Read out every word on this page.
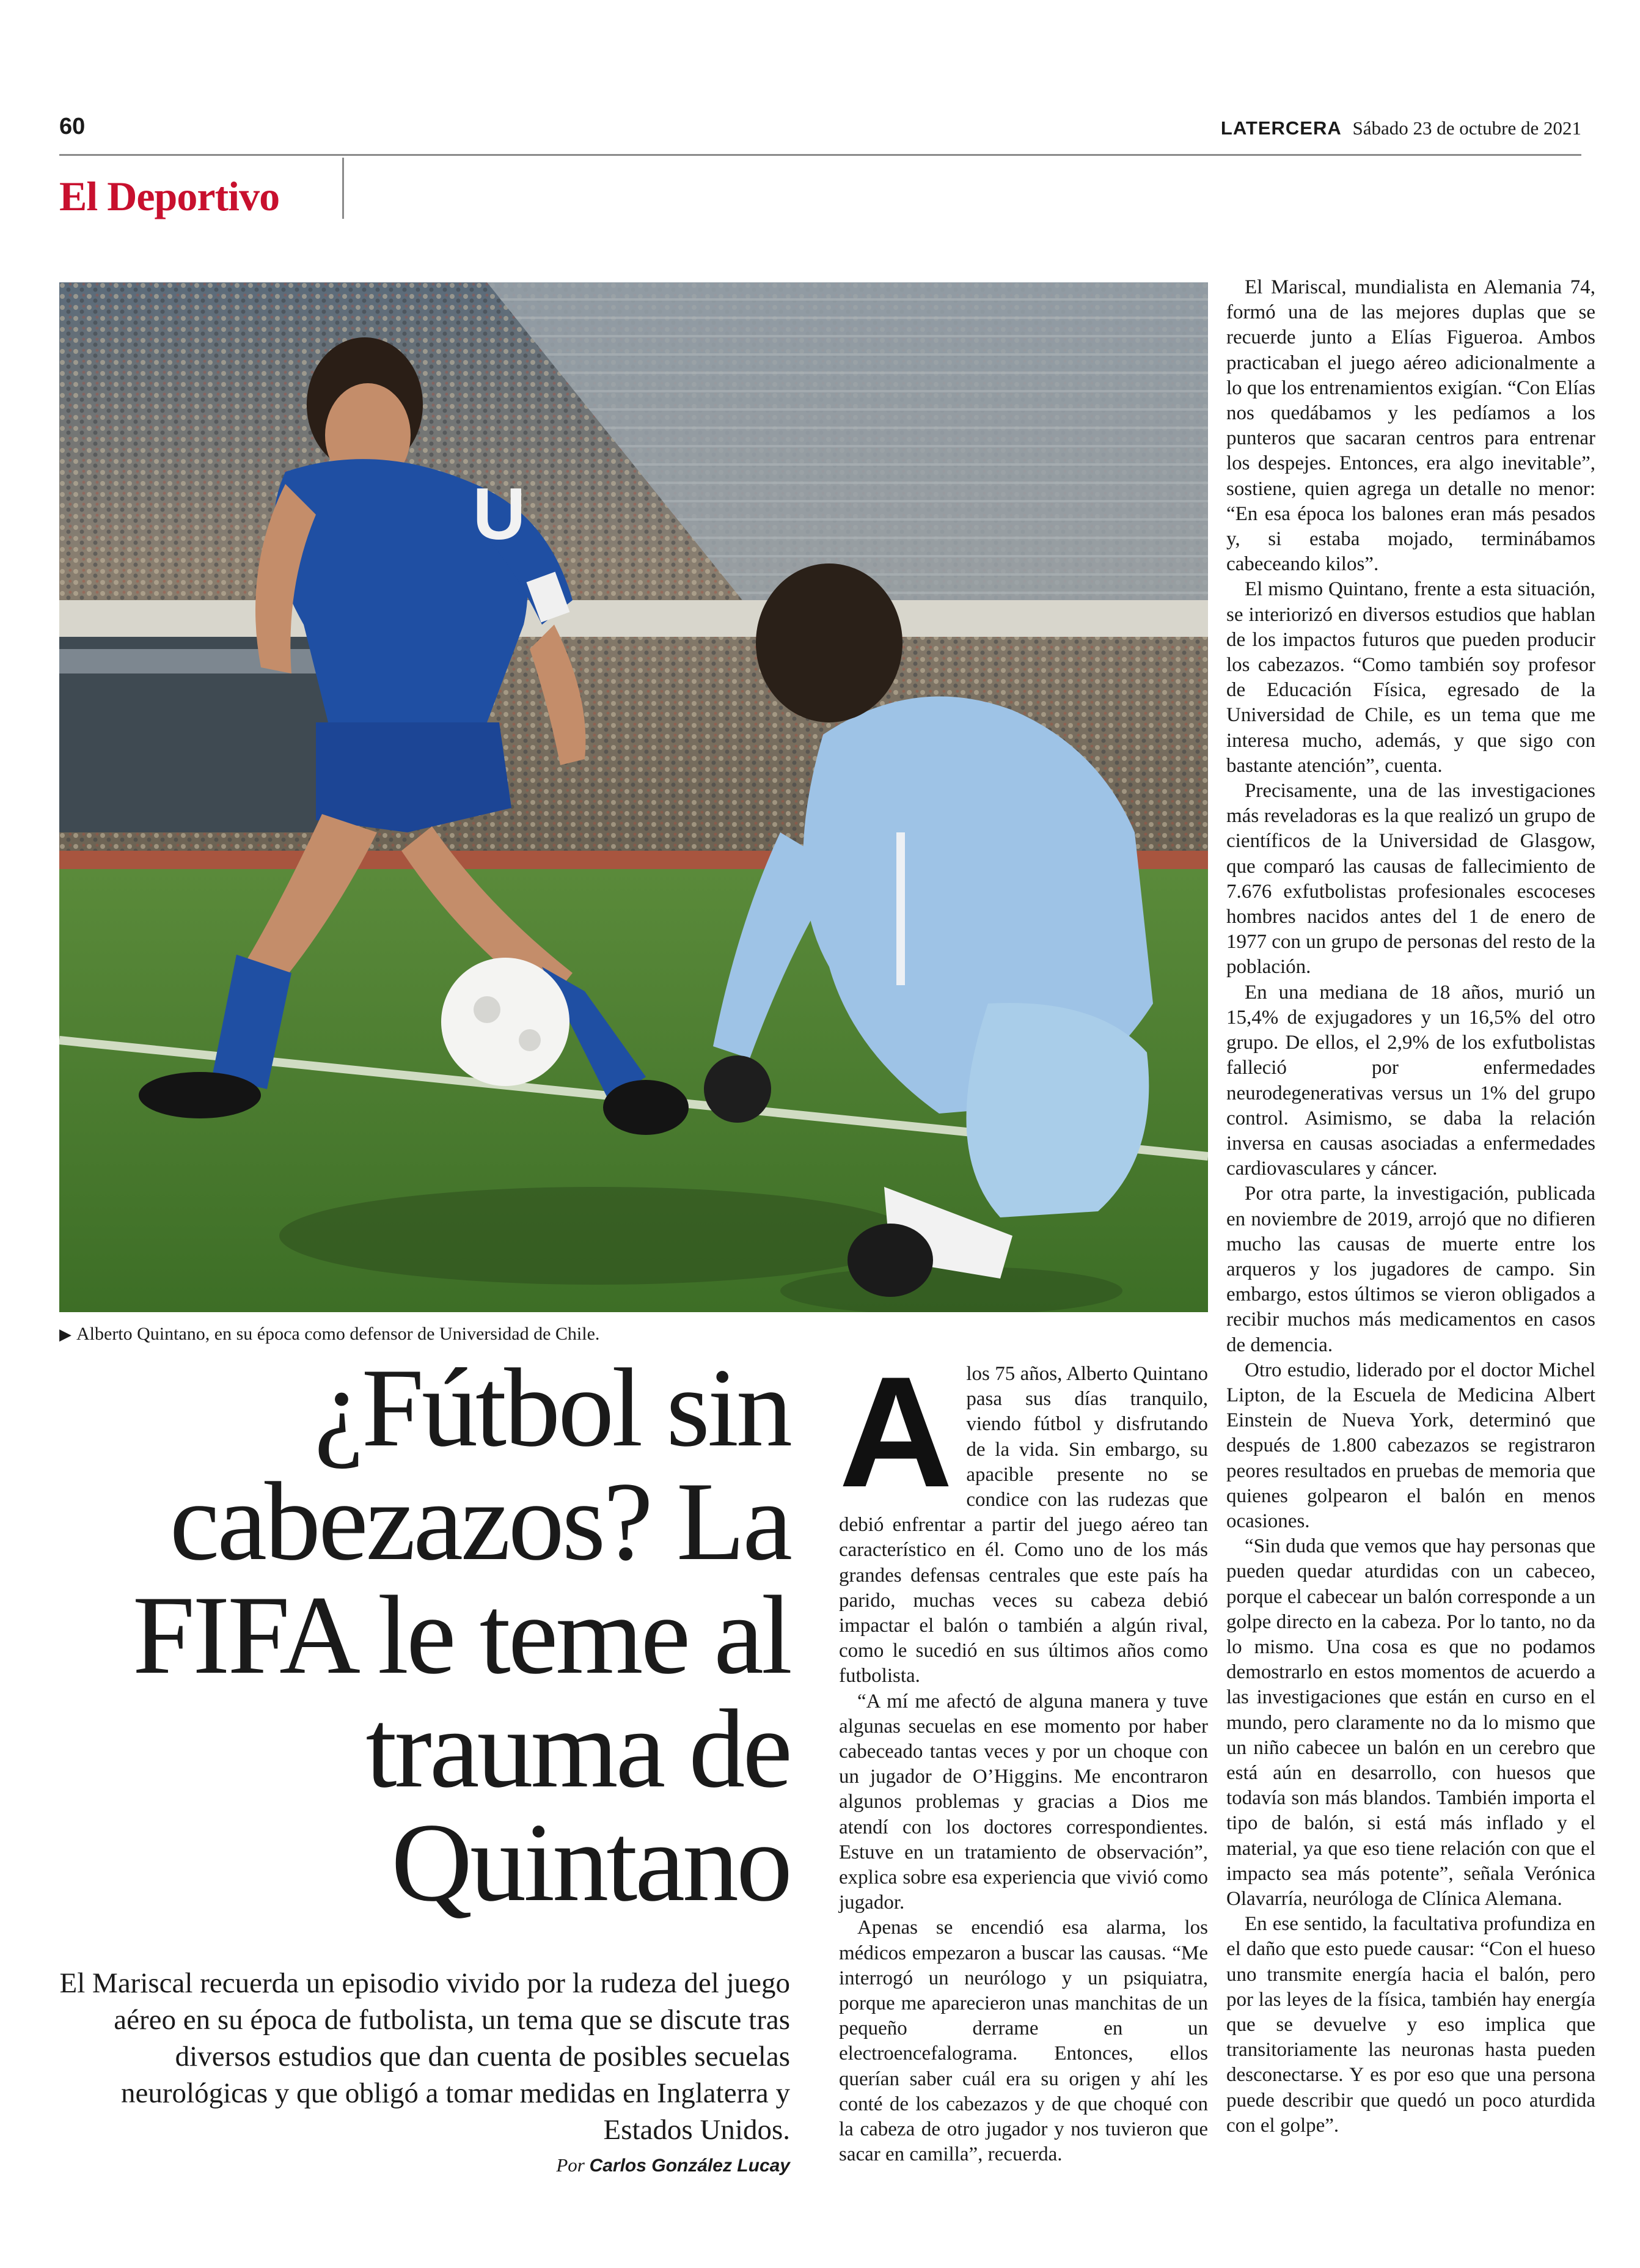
60	LATERCERA Sábado 23 de octubre de 2021
El Deportivo
U
▶ Alberto Quintano, en su época como defensor de Universidad de Chile.
¿Fútbol sin cabezazos? La FIFA le teme al trauma de Quintano
El Mariscal recuerda un episodio vivido por la rudeza del juego aéreo en su época de futbolista, un tema que se discute tras diversos estudios que dan cuenta de posibles secuelas neurológicas y que obligó a tomar medidas en Inglaterra y Estados Unidos.
Por Carlos González Lucay

Alos 75 años, Alberto Quintano pasa sus días tranquilo, viendo fútbol y disfrutando de la vida. Sin embargo, su apacible presente no se condice con las rudezas que debió enfrentar a partir del juego aéreo tan característico en él. Como uno de los más grandes defensas centrales que este país ha parido, muchas veces su cabeza debió impactar el balón o también a algún rival, como le sucedió en sus últimos años como futbolista.

“A mí me afectó de alguna manera y tuve algunas secuelas en ese momento por haber cabeceado tantas veces y por un choque con un jugador de O’Higgins. Me encontraron algunos problemas y gracias a Dios me atendí con los doctores correspondientes. Estuve en un tratamiento de observación”, explica sobre esa experiencia que vivió como jugador.

Apenas se encendió esa alarma, los médicos empezaron a buscar las causas. “Me interrogó un neurólogo y un psiquiatra, porque me aparecieron unas manchitas de un pequeño derrame en un electroencefalograma. Entonces, ellos querían saber cuál era su origen y ahí les conté de los cabezazos y de que choqué con la cabeza de otro jugador y nos tuvieron que sacar en camilla”, recuerda.

El Mariscal, mundialista en Alemania 74, formó una de las mejores duplas que se recuerde junto a Elías Figueroa. Ambos practicaban el juego aéreo adicionalmente a lo que los entrenamientos exigían. “Con Elías nos quedábamos y les pedíamos a los punteros que sacaran centros para entrenar los despejes. Entonces, era algo inevitable”, sostiene, quien agrega un detalle no menor: “En esa época los balones eran más pesados y, si estaba mojado, terminábamos cabeceando kilos”.

El mismo Quintano, frente a esta situación, se interiorizó en diversos estudios que hablan de los impactos futuros que pueden producir los cabezazos. “Como también soy profesor de Educación Física, egresado de la Universidad de Chile, es un tema que me interesa mucho, además, y que sigo con bastante atención”, cuenta.

Precisamente, una de las investigaciones más reveladoras es la que realizó un grupo de científicos de la Universidad de Glasgow, que comparó las causas de fallecimiento de 7.676 exfutbolistas profesionales escoceses hombres nacidos antes del 1 de enero de 1977 con un grupo de personas del resto de la población.

En una mediana de 18 años, murió un 15,4% de exjugadores y un 16,5% del otro grupo. De ellos, el 2,9% de los exfutbolistas falleció por enfermedades neurodegenerativas versus un 1% del grupo control. Asimismo, se daba la relación inversa en causas asociadas a enfermedades cardiovasculares y cáncer.

Por otra parte, la investigación, publicada en noviembre de 2019, arrojó que no difieren mucho las causas de muerte entre los arqueros y los jugadores de campo. Sin embargo, estos últimos se vieron obligados a recibir muchos más medicamentos en casos de demencia.

Otro estudio, liderado por el doctor Michel Lipton, de la Escuela de Medicina Albert Einstein de Nueva York, determinó que después de 1.800 cabezazos se registraron peores resultados en pruebas de memoria que quienes golpearon el balón en menos ocasiones.

“Sin duda que vemos que hay personas que pueden quedar aturdidas con un cabeceo, porque el cabecear un balón corresponde a un golpe directo en la cabeza. Por lo tanto, no da lo mismo. Una cosa es que no podamos demostrarlo en estos momentos de acuerdo a las investigaciones que están en curso en el mundo, pero claramente no da lo mismo que un niño cabecee un balón en un cerebro que está aún en desarrollo, con huesos que todavía son más blandos. También importa el tipo de balón, si está más inflado y el material, ya que eso tiene relación con que el impacto sea más potente”, señala Verónica Olavarría, neuróloga de Clínica Alemana.

En ese sentido, la facultativa profundiza en el daño que esto puede causar: “Con el hueso uno transmite energía hacia el balón, pero por las leyes de la física, también hay energía que se devuelve y eso implica que transitoriamente las neuronas hasta pueden desconectarse. Y es por eso que una persona puede describir que quedó un poco aturdida con el golpe”.
